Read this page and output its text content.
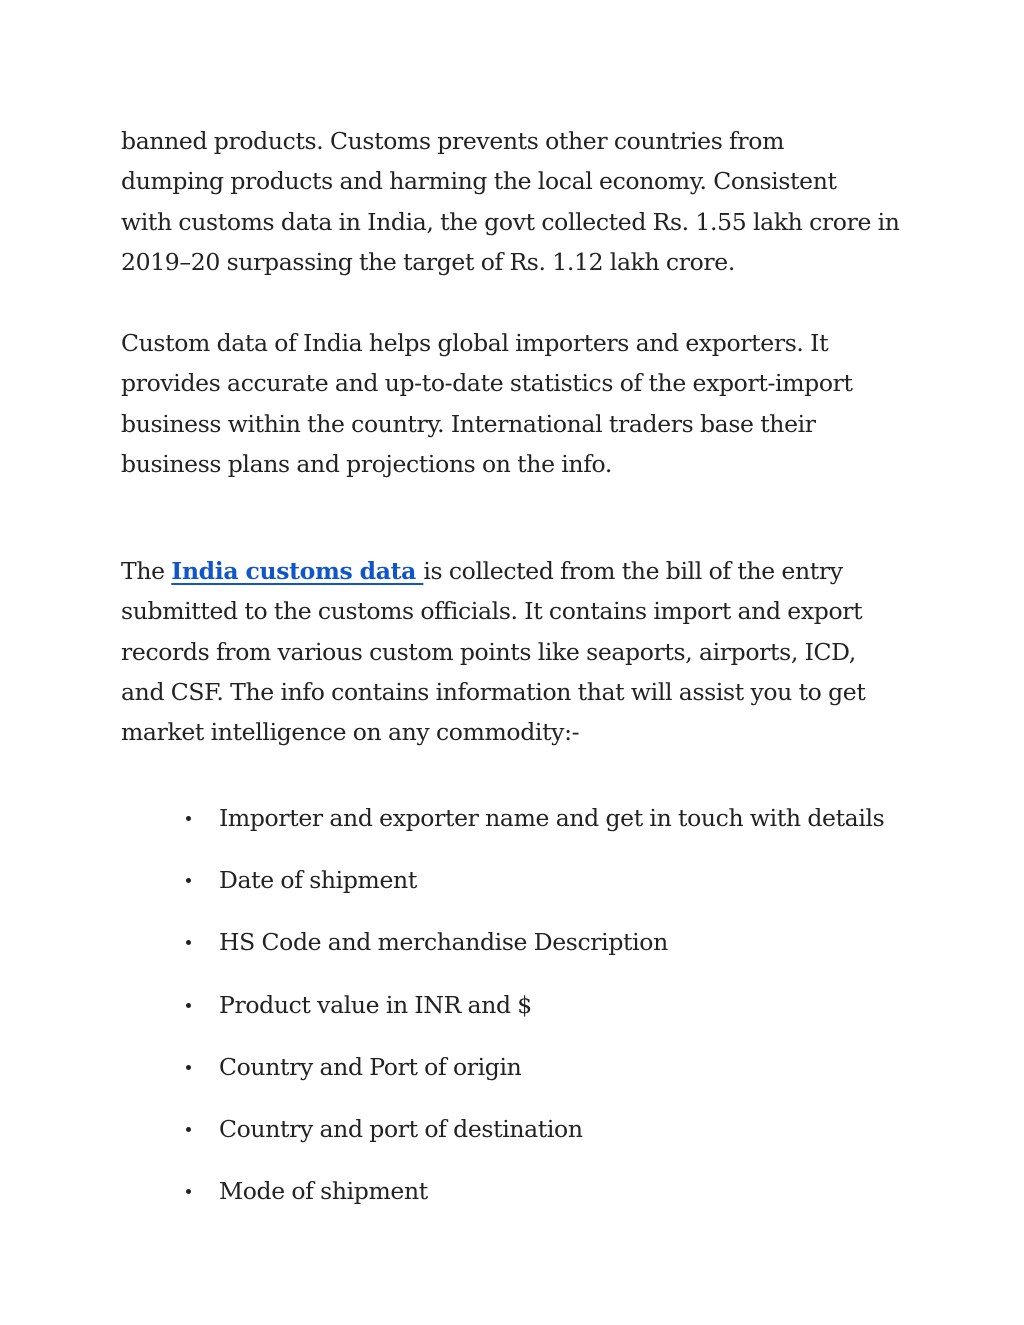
banned products. Customs prevents other countries from
dumping products and harming the local economy. Consistent
with customs data in India, the govt collected Rs. 1.55 lakh crore in
2019–20 surpassing the target of Rs. 1.12 lakh crore.

Custom data of India helps global importers and exporters. It
provides accurate and up-to-date statistics of the export-import
business within the country. International traders base their
business plans and projections on the info.

The India customs data is collected from the bill of the entry
submitted to the customs officials. It contains import and export
records from various custom points like seaports, airports, ICD,
and CSF. The info contains information that will assist you to get
market intelligence on any commodity:-

Importer and exporter name and get in touch with details
Date of shipment
HS Code and merchandise Description
Product value in INR and $
Country and Port of origin
Country and port of destination
Mode of shipment
